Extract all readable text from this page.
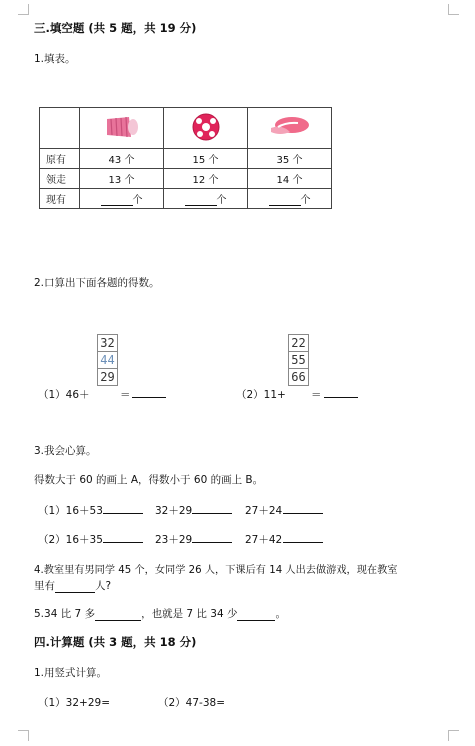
三.填空题 (共 5 题，共 19 分)
1.填表。

原有	43 个	15 个	35 个
领走	13 个	12 个	14 个
现有	个	个	个
2.口算出下面各题的得数。
（1）46＋
32
44
29
＝	（2）11+
22
55
66
＝
3.我会心算。
得数大于 60 的画上 A，得数小于 60 的画上 B。
（1）16＋53	32＋29	27＋24
（2）16＋35	23＋29	27＋42
4.教室里有男同学 45 个，女同学 26 人，下课后有 14 人出去做游戏，现在教室
里有	人?
5.34 比 7 多	，也就是 7 比 34 少	。
四.计算题 (共 3 题，共 18 分)
1.用竖式计算。
（1）32+29=	（2）47-38=
